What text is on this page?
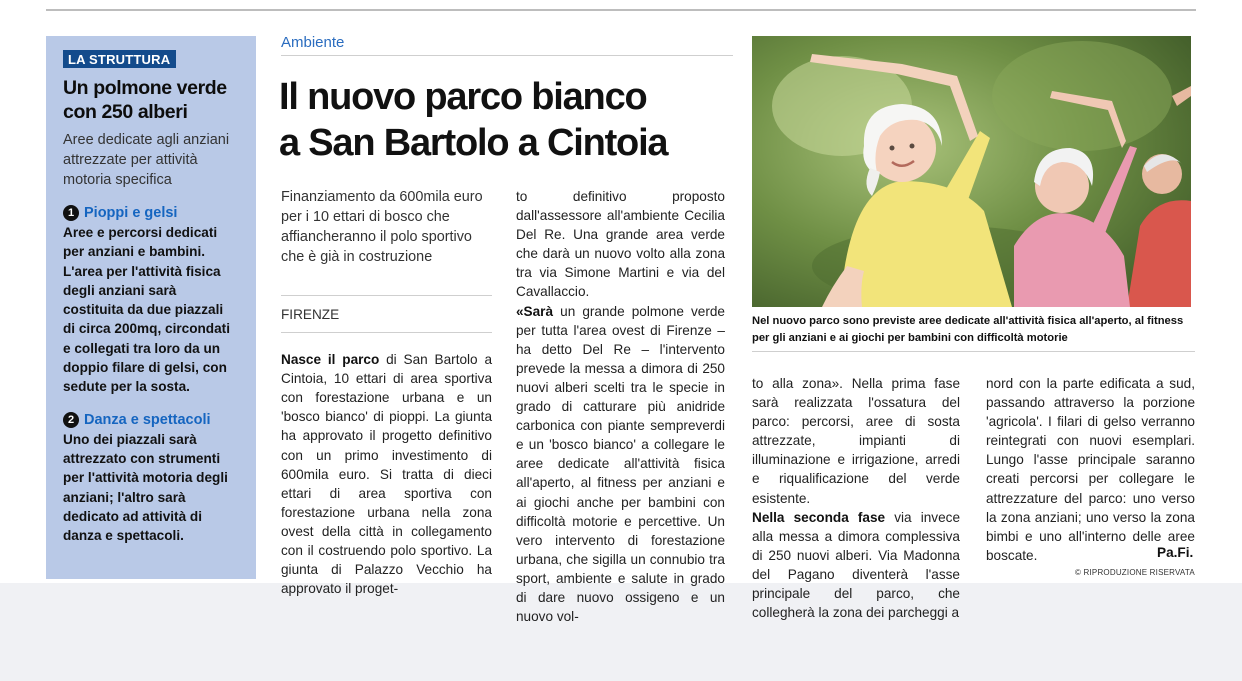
LA STRUTTURA
Un polmone verde con 250 alberi

Aree dedicate agli anziani attrezzate per attività motoria specifica

1 Pioppi e gelsi

Aree e percorsi dedicati per anziani e bambini. L'area per l'attività fisica degli anziani sarà costituita da due piazzali di circa 200mq, circondati e collegati tra loro da un doppio filare di gelsi, con sedute per la sosta.

2 Danza e spettacoli

Uno dei piazzali sarà attrezzato con strumenti per l'attività motoria degli anziani; l'altro sarà dedicato ad attività di danza e spettacoli.

Ambiente
Il nuovo parco bianco
a San Bartolo a Cintoia

Finanziamento da 600mila euro per i 10 ettari di bosco che affiancheranno il polo sportivo che è già in costruzione

FIRENZE

Nasce il parco di San Bartolo a Cintoia, 10 ettari di area sportiva con forestazione urbana e un 'bosco bianco' di pioppi. La giunta ha approvato il progetto definitivo con un primo investimento di 600mila euro. Si tratta di dieci ettari di area sportiva con forestazione urbana nella zona ovest della città in collegamento con il costruendo polo sportivo. La giunta di Palazzo Vecchio ha approvato il proget-

to definitivo proposto dall'assessore all'ambiente Cecilia Del Re. Una grande area verde che darà un nuovo volto alla zona tra via Simone Martini e via del Cavallaccio.

«Sarà un grande polmone verde per tutta l'area ovest di Firenze – ha detto Del Re – l'intervento prevede la messa a dimora di 250 nuovi alberi scelti tra le specie in grado di catturare più anidride carbonica con piante sempreverdi e un 'bosco bianco' a collegare le aree dedicate all'attività fisica all'aperto, al fitness per anziani e ai giochi anche per bambini con difficoltà motorie e percettive. Un vero intervento di forestazione urbana, che sigilla un connubio tra sport, ambiente e salute in grado di dare nuovo ossigeno e un nuovo vol-

Nel nuovo parco sono previste aree dedicate all'attività fisica all'aperto, al fitness per gli anziani e ai giochi per bambini con difficoltà motorie

to alla zona». Nella prima fase sarà realizzata l'ossatura del parco: percorsi, aree di sosta attrezzate, impianti di illuminazione e irrigazione, arredi e riqualificazione del verde esistente.

Nella seconda fase via invece alla messa a dimora complessiva di 250 nuovi alberi. Via Madonna del Pagano diventerà l'asse principale del parco, che collegherà la zona dei parcheggi a

nord con la parte edificata a sud, passando attraverso la porzione 'agricola'. I filari di gelso verranno reintegrati con nuovi esemplari. Lungo l'asse principale saranno creati percorsi per collegare le attrezzature del parco: uno verso la zona anziani; uno verso la zona bimbi e uno all'interno delle aree boscate.	Pa.Fi.
© RIPRODUZIONE RISERVATA
